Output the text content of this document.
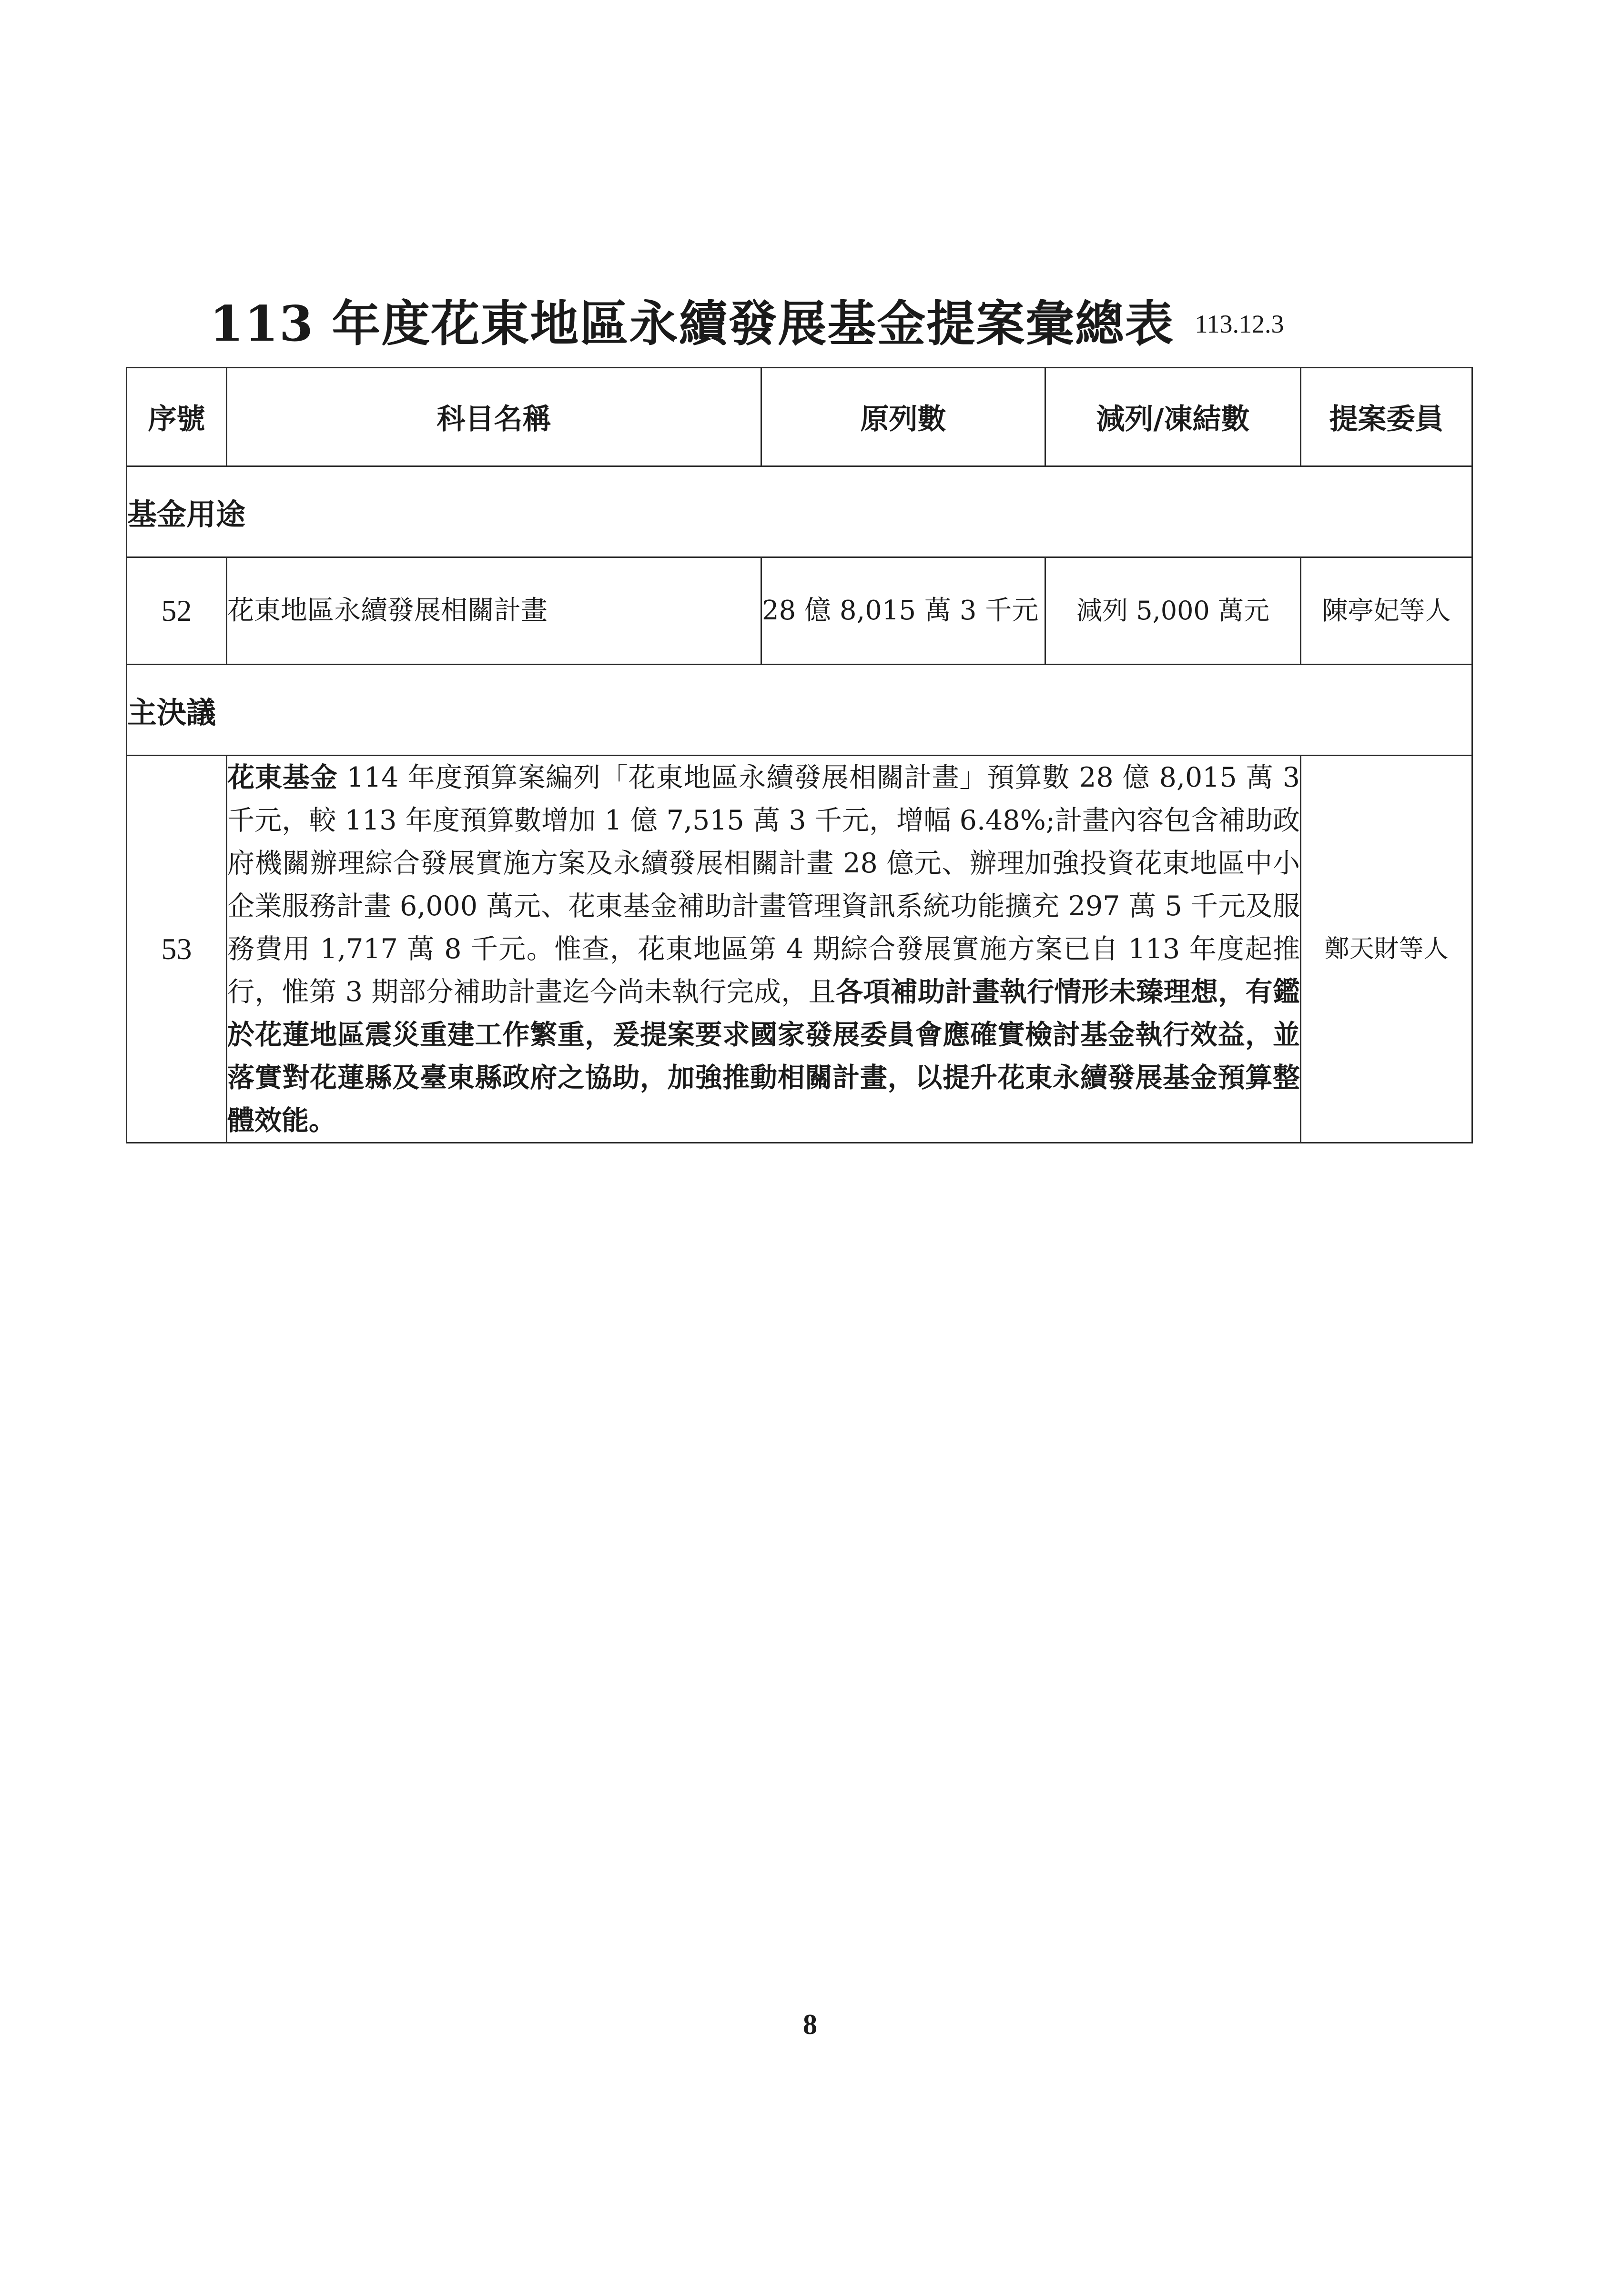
113 年度花東地區永續發展基金提案彙總表 113.12.3
序號	科目名稱	原列數	減列/凍結數	提案委員
基金用途				
52	花東地區永續發展相關計畫	28 億 8,015 萬 3 千元	減列 5,000 萬元	陳亭妃等人
主決議				
53	花東基金 114 年度預算案編列「花東地區永續發展相關計畫」預算數 28 億 8,015 萬 3 千元，較 113 年度預算數增加 1 億 7,515 萬 3 千元，增幅 6.48%;計畫內容包含補助政府機關辦理綜合發展實施方案及永續發展相關計畫 28 億元、辦理加強投資花東地區中小企業服務計畫 6,000 萬元、花東基金補助計畫管理資訊系統功能擴充 297 萬 5 千元及服務費用 1,717 萬 8 千元。惟查，花東地區第 4 期綜合發展實施方案已自 113 年度起推行，惟第 3 期部分補助計畫迄今尚未執行完成，且各項補助計畫執行情形未臻理想，有鑑於花蓮地區震災重建工作繁重，爰提案要求國家發展委員會應確實檢討基金執行效益，並落實對花蓮縣及臺東縣政府之協助，加強推動相關計畫，以提升花東永續發展基金預算整體效能。			鄭天財等人
8
